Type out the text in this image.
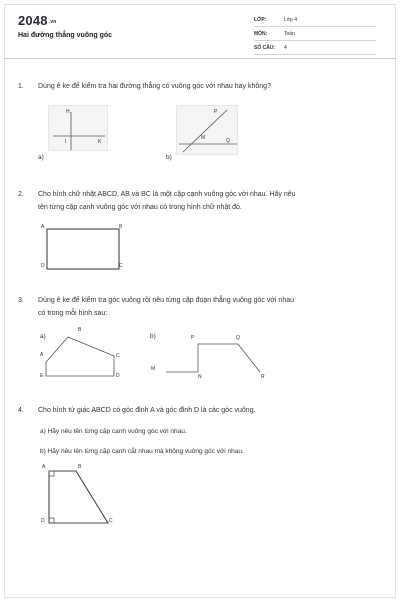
2048.vn
Hai đường thẳng vuông góc
LỚP:	Lớp 4
MÔN:	Toán
SỐ CÂU: 4
1.	Dùng ê ke để kiểm tra hai đường thẳng có vuông góc với nhau hay không?
H
I	K
a)
P
M	Q
b)
2.	Cho hình chữ nhật ABCD, AB và BC là một cặp cạnh vuông góc với nhau. Hãy nêu
tên từng cặp cạnh vuông góc với nhau có trong hình chữ nhật đó.
A	B
D	C
3.	Dùng ê ke để kiểm tra góc vuông rồi nêu từng cặp đoạn thẳng vuông góc với nhau
có trong mỗi hình sau:
a)
B
A	C
E	D
b)	P	Q
M
N	R
4.	Cho hình tứ giác ABCD có góc đỉnh A và góc đỉnh D là các góc vuông.
a) Hãy nêu tên từng cặp cạnh vuông góc với nhau.
b) Hãy nêu tên từng cặp cạnh cắt nhau mà không vuông góc với nhau.
A	B
D	C
